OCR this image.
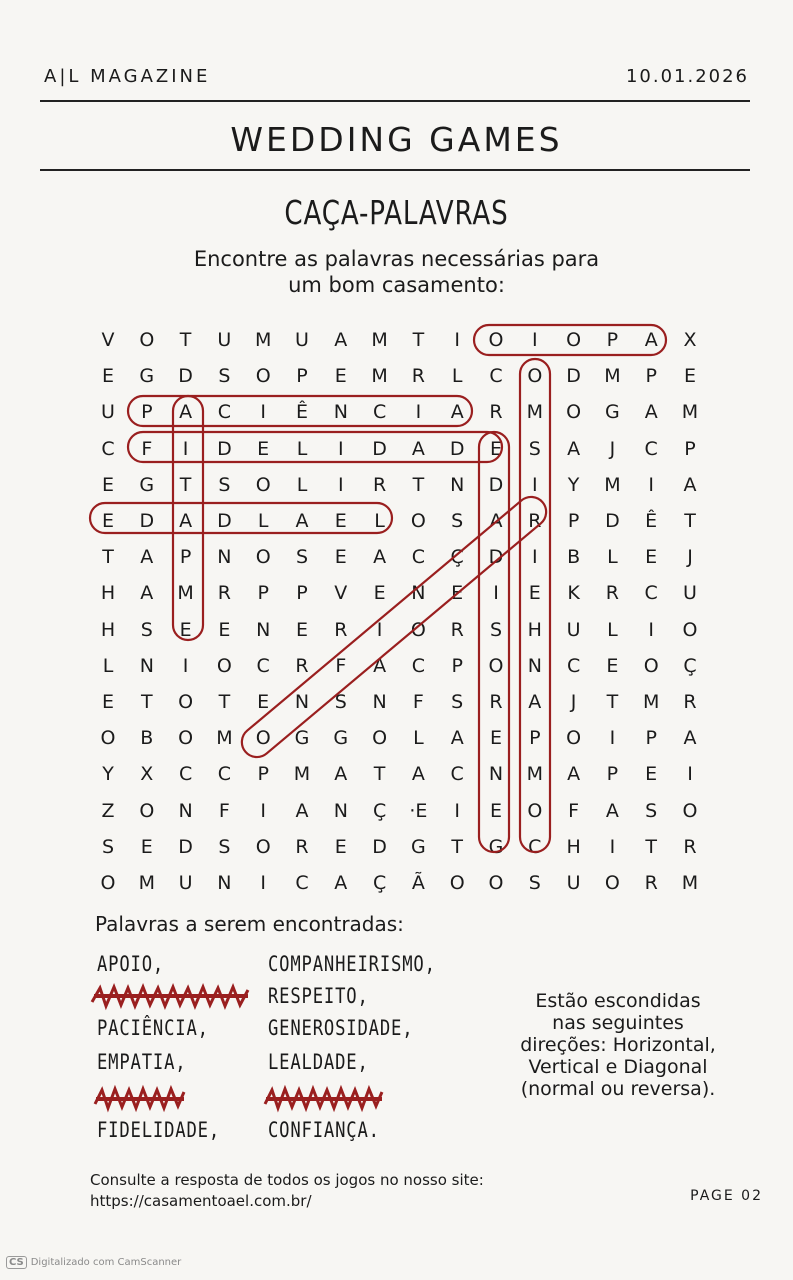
A|L MAGAZINE	10.01.2026
WEDDING GAMES
CAÇA-PALAVRAS
Encontre as palavras necessárias para
um bom casamento:
V	O	T	U	M	U	A	M	T	I	O	I	O	P	A	X
E	G	D	S	O	P	E	M	R	L	C	O	D	M	P	E
U	P	A	C	I	Ê	N	C	I	A	R	M	O	G	A	M
C	F	I	D	E	L	I	D	A	D	E	S	A	J	C	P
E	G	T	S	O	L	I	R	T	N	D	I	Y	M	I	A
E	D	A	D	L	A	E	L	O	S	A	R	P	D	Ê	T
T	A	P	N	O	S	E	A	C	Ç	D	I	B	L	E	J
H	A	M	R	P	P	V	E	N	E	I	E	K	R	C	U
H	S	E	E	N	E	R	I	O	R	S	H	U	L	I	O
L	N	I	O	C	R	F	A	C	P	O	N	C	E	O	Ç
E	T	O	T	E	N	S	N	F	S	R	A	J	T	M	R
O	B	O	M	O	G	G	O	L	A	E	P	O	I	P	A
Y	X	C	C	P	M	A	T	A	C	N	M	A	P	E	I
Z	O	N	F	I	A	N	Ç	·E	I	E	O	F	A	S	O
S	E	D	S	O	R	E	D	G	T	G	C	H	I	T	R
O	M	U	N	I	C	A	Ç	Ã	O	O	S	U	O	R	M
Palavras a serem encontradas:
APOIO,
PACIÊNCIA,
EMPATIA,
FIDELIDADE,
COMPANHEIRISMO,
RESPEITO,
GENEROSIDADE,
LEALDADE,
CONFIANÇA.
Estão escondidas
nas seguintes
direções: Horizontal,
Vertical e Diagonal
(normal ou reversa).
Consulte a resposta de todos os jogos no nosso site:
https://casamentoael.com.br/	PAGE 02
CS Digitalizado com CamScanner
